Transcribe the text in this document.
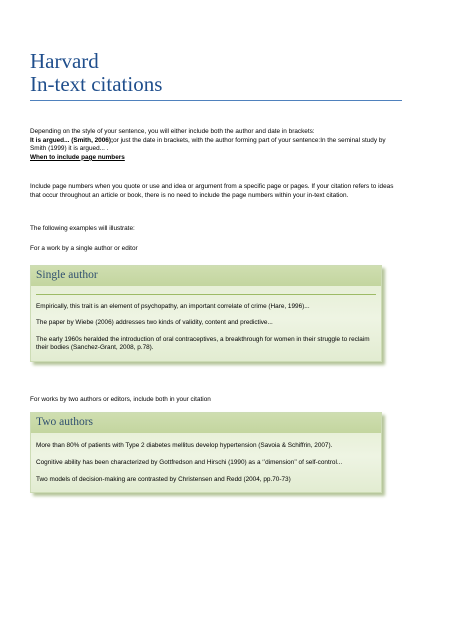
Harvard
In-text citations
Depending on the style of your sentence, you will either include both the author and date in brackets:
It is argued... (Smith, 2006);or just the date in brackets, with the author forming part of your sentence:In the seminal study by Smith (1999) it is argued... .
When to include page numbers
Include page numbers when you quote or use and idea or argument from a specific page or pages. If your citation refers to ideas that occur throughout an article or book, there is no need to include the page numbers within your in-text citation.
The following examples will illustrate:
For a work by a single author or editor
Single author

Empirically, this trait is an element of psychopathy, an important correlate of crime (Hare, 1996)...

The paper by Wiebe (2006) addresses two kinds of validity, content and predictive...

The early 1960s heralded the introduction of oral contraceptives, a breakthrough for women in their struggle to reclaim their bodies (Sanchez-Grant, 2008, p.78).

For works by two authors or editors, include both in your citation
Two authors

More than 80% of patients with Type 2 diabetes mellitus develop hypertension (Savoia & Schiffrin, 2007).

Cognitive ability has been characterized by Gottfredson and Hirschi (1990) as a ‘’dimension’’ of self-control...

Two models of decision-making are contrasted by Christensen and Redd (2004, pp.70-73)
